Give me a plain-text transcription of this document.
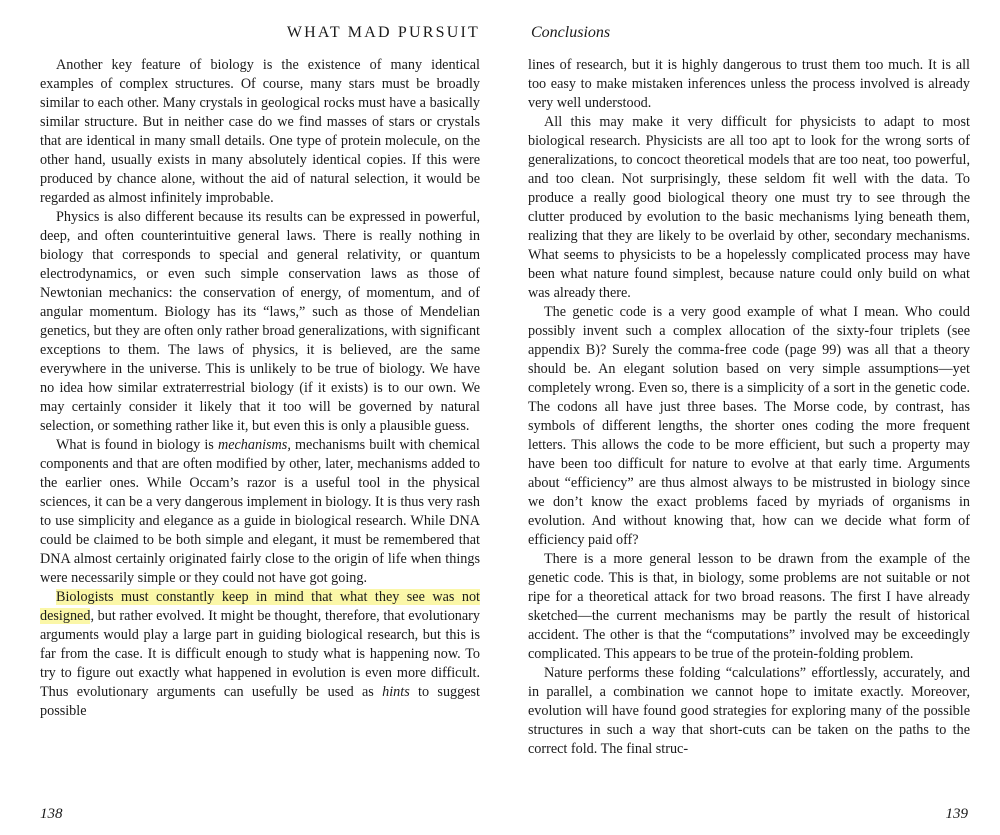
WHAT MAD PURSUIT

Another key feature of biology is the existence of many identical examples of complex structures. Of course, many stars must be broadly similar to each other. Many crystals in geological rocks must have a basically similar structure. But in neither case do we find masses of stars or crystals that are identical in many small details. One type of protein molecule, on the other hand, usually exists in many absolutely identical copies. If this were produced by chance alone, without the aid of natural selection, it would be regarded as almost infinitely improbable.

Physics is also different because its results can be expressed in powerful, deep, and often counterintuitive general laws. There is really nothing in biology that corresponds to special and general relativity, or quantum electrodynamics, or even such simple conservation laws as those of Newtonian mechanics: the conservation of energy, of momentum, and of angular momentum. Biology has its “laws,” such as those of Mendelian genetics, but they are often only rather broad generalizations, with significant exceptions to them. The laws of physics, it is believed, are the same everywhere in the universe. This is unlikely to be true of biology. We have no idea how similar extraterrestrial biology (if it exists) is to our own. We may certainly consider it likely that it too will be governed by natural selection, or something rather like it, but even this is only a plausible guess.

What is found in biology is mechanisms, mechanisms built with chemical components and that are often modified by other, later, mechanisms added to the earlier ones. While Occam’s razor is a useful tool in the physical sciences, it can be a very dangerous implement in biology. It is thus very rash to use simplicity and elegance as a guide in biological research. While DNA could be claimed to be both simple and elegant, it must be remembered that DNA almost certainly originated fairly close to the origin of life when things were necessarily simple or they could not have got going.

Biologists must constantly keep in mind that what they see was not designed, but rather evolved. It might be thought, therefore, that evolutionary arguments would play a large part in guiding biological research, but this is far from the case. It is difficult enough to study what is happening now. To try to figure out exactly what happened in evolution is even more difficult. Thus evolutionary arguments can usefully be used as hints to suggest possible

138
Conclusions

lines of research, but it is highly dangerous to trust them too much. It is all too easy to make mistaken inferences unless the process involved is already very well understood.

All this may make it very difficult for physicists to adapt to most biological research. Physicists are all too apt to look for the wrong sorts of generalizations, to concoct theoretical models that are too neat, too powerful, and too clean. Not surprisingly, these seldom fit well with the data. To produce a really good biological theory one must try to see through the clutter produced by evolution to the basic mechanisms lying beneath them, realizing that they are likely to be overlaid by other, secondary mechanisms. What seems to physicists to be a hopelessly complicated process may have been what nature found simplest, because nature could only build on what was already there.

The genetic code is a very good example of what I mean. Who could possibly invent such a complex allocation of the sixty-four triplets (see appendix B)? Surely the comma-free code (page 99) was all that a theory should be. An elegant solution based on very simple assumptions—yet completely wrong. Even so, there is a simplicity of a sort in the genetic code. The codons all have just three bases. The Morse code, by contrast, has symbols of different lengths, the shorter ones coding the more frequent letters. This allows the code to be more efficient, but such a property may have been too difficult for nature to evolve at that early time. Arguments about “efficiency” are thus almost always to be mistrusted in biology since we don’t know the exact problems faced by myriads of organisms in evolution. And without knowing that, how can we decide what form of efficiency paid off?

There is a more general lesson to be drawn from the example of the genetic code. This is that, in biology, some problems are not suitable or not ripe for a theoretical attack for two broad reasons. The first I have already sketched—the current mechanisms may be partly the result of historical accident. The other is that the “computations” involved may be exceedingly complicated. This appears to be true of the protein-folding problem.

Nature performs these folding “calculations” effortlessly, accurately, and in parallel, a combination we cannot hope to imitate exactly. Moreover, evolution will have found good strategies for exploring many of the possible structures in such a way that short-cuts can be taken on the paths to the correct fold. The final struc-

139
